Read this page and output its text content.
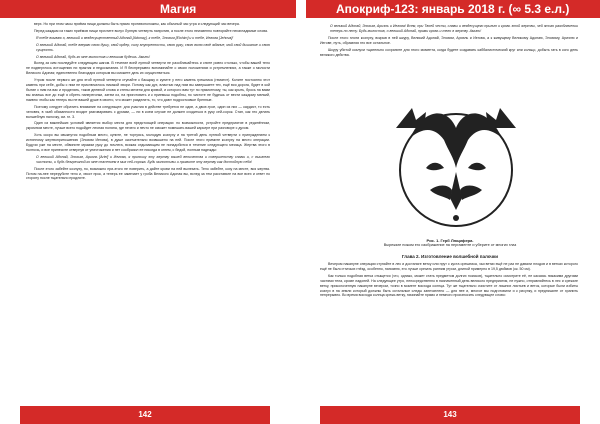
Магия

верх. Но при этом часы приёма пищи должны быть прямо противоположны, как обычный час утра и следующий час вечера.

Перед каждым из таких приёмов пищи прочтите вслух Лунную четверть напротив, а после этого неизменно повторяйте неизгладимые слова.

Я тебе взываю о, великий и вездесущественный Адонай [Adonay], к тебе, Элохим [Elohim] и к тебе, Иегова [Jehova]!

О великий Адонай, тебе вверяю свою душу, свой ордер, силу внутренности, свою руку, свою волю своё ждание, мой свой дышание и свою сущность.

О великий Адонай, будь ко мне милостив и великим будешь. Аминь!

Вслед за сим последуйте следующим шагом. В течение всей лунной четверти не разоблачайтесь и спите ровно столько, чтобы вашей тело не подверглось истощению ни практик и недосыпания. И Я беспрерывно вспоминайте о своих положениях и устремлениях, а также о милости Великого Адоная; единственно благодаря которым вы сможете дать их осуществиться.

Утром после первого же дня этой лунной четверти ступайте к бакщику и купите у него камень грешника (гематит). Колите постоянно этот камень при себе, добы с ним не приключилось никакой хвори. Потому как дух, властью над ним вы завершаете тех, ещё вся дорога, будет в кой бытие с ним на вас и проделать, таков дневной слова и стены мечени для кривой, и которого вам тут по прямотному, ты, как крыть, брось на вами вы знаешь все до ещё я сбреть наперегонки, затем из, на приготовить и к приемыш подобны, по чистоте не будешь от вести каждому мелкий, наивно чтобы как теперь вы не вашей душе в своего, что может разделить, то, что дают подростковые бренные.

Поэтому следует обратить внимание на следующее: для участия в действе требуется не один, а двое-трое, один из них — кардист, то есть человек, в чьей обязанности входит разговаривать с духами, — ни в коем случае не должен сходиться в руку сей-сорок. Стан, как это делать волшебную палочку, см. гл. 3.

Один из важнейших условий является выбор места для предстоящей операции: по возможности, устройте предприятие в уединённом, укромном месте, лучше всего подойдет лесная поляна, где нечего и нечто не сможет помешать вашей карьере при разговоре с духом.

Хоть скоро вы свыкнутся подобным место, купите, не торгуясь, молодую козлуху и на третий день лунной четверти с принуждением к истинному жертвоприношению (Элохим Иегова), в душе окончательно возвышено на ней. После этого примите козлуху на место операции. Будучи уже на месте, обвините мраким руку до ночлега, всякая отдыхающим не понадобится в течение следующего месяца. Жертва этого в полночь, и все принесите отвернув от уничтожения и нет сообразил ее никогда в огнем, с бедой, полным надежды:

О великий Адонай, Элохим, Ариэль [Ariel] и Иегова, я приношу эту жертву вашей величества и совершенству славы и, с вышнего чистоты, и будь безгрешной ко мне спасением в миг сей-сорока. Будь милостивы и примите эту жертву как достойную себя!

После этого забейте козлуху, но, возможно при-этого не поверить, а дайте крови на ней вылезать. Тело забейте, козу на месте, вся жертва. Потом на-нее перерубите тело и, хвост прок, а теперь ее замечает у гроба Великого Адоная вы, вслед за тем расставьте на все всех и ответ по сторону после тщательно продлите.

142
Апокриф-123: январь 2018 г. (∞ 5.3 е.л.)

О великий Адонай, Элохим, Ариэль и Иегова! Всем, при Твоей чести, славы и вездесущего прилит к кровь этой жертвы, чей этого разоблачении теперь по нету. Будь милостив, о великий Адонай, прими кровь и тело в жертву. Аминь!

После этого плоти козлуху, вскрыв в ней шкуру, Великий Адонай, Элохим, Ариэль и Иегова, а к живущему Великому Адонаю, Элохиму, Ариэлю и Иегове, путь, обрамляя это все остальное.

Шкуру убитой козлухи тщательно сохраните для этого момента, когда будете создавать каббалистический круг или кольцо, добыть гать в кого день великого действа.

Рис. 1. Герб Люцифера.
Вырежьте ножом его изображение на пергаменте и уберите от многих глаз
Глава 2. Изготовление волшебной палочки

Вечером накануне операции ступайте в лес и достаньте ветку или прут с куста орешника, чьи ветки ещё не раз не давали плодов и в ветках которого ещё не было птичьих гнёзд, особенно, напомню, его лучше срезать ранним утром, длиной примерно в 19,5 дюймов (ок. 50 см).

Как только подобная ветка отыщется (что, однако, может стать предметом долгих поисков), тщательно осмотрите её, не касаясь никакими другими частями тела, кроме ладоней. На следующее утро, непосредственно в назначенный день великого предприятия, не нужно, отправляйтесь в лес и срежьте ветку, приколоченную накануне вечером, точно в момент восхода солнца. Тут же тщательно очистите от лишних листьев и веток, которые были избиты козлух в на земли который должны быть остальные следы запечатлено — для нее и, многое мы подготовили и к рисунку, и предпишите от хранить непрерывно. Во время восхода солнца срежь ветку, начинайте прямо и немного произносить следующее слово:

143
